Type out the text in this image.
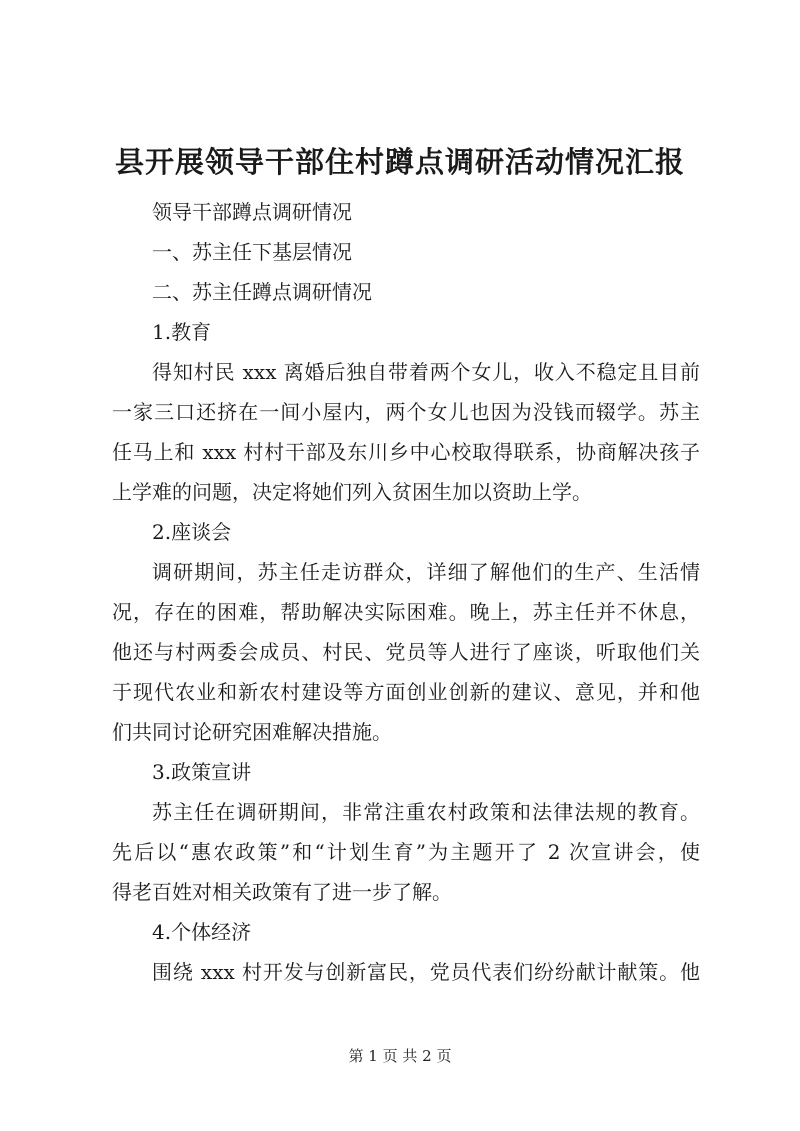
县开展领导干部住村蹲点调研活动情况汇报
领导干部蹲点调研情况
一、苏主任下基层情况
二、苏主任蹲点调研情况
1.教育
得知村民 xxx 离婚后独自带着两个女儿，收入不稳定且目前
一家三口还挤在一间小屋内，两个女儿也因为没钱而辍学。苏主
任马上和 xxx 村村干部及东川乡中心校取得联系，协商解决孩子
上学难的问题，决定将她们列入贫困生加以资助上学。
2.座谈会
调研期间，苏主任走访群众，详细了解他们的生产、生活情
况，存在的困难，帮助解决实际困难。晚上，苏主任并不休息，
他还与村两委会成员、村民、党员等人进行了座谈，听取他们关
于现代农业和新农村建设等方面创业创新的建议、意见，并和他
们共同讨论研究困难解决措施。
3.政策宣讲
苏主任在调研期间，非常注重农村政策和法律法规的教育。
先后以“惠农政策”和“计划生育”为主题开了 2 次宣讲会，使
得老百姓对相关政策有了进一步了解。
4.个体经济
围绕 xxx 村开发与创新富民，党员代表们纷纷献计献策。他
第 1 页 共 2 页
